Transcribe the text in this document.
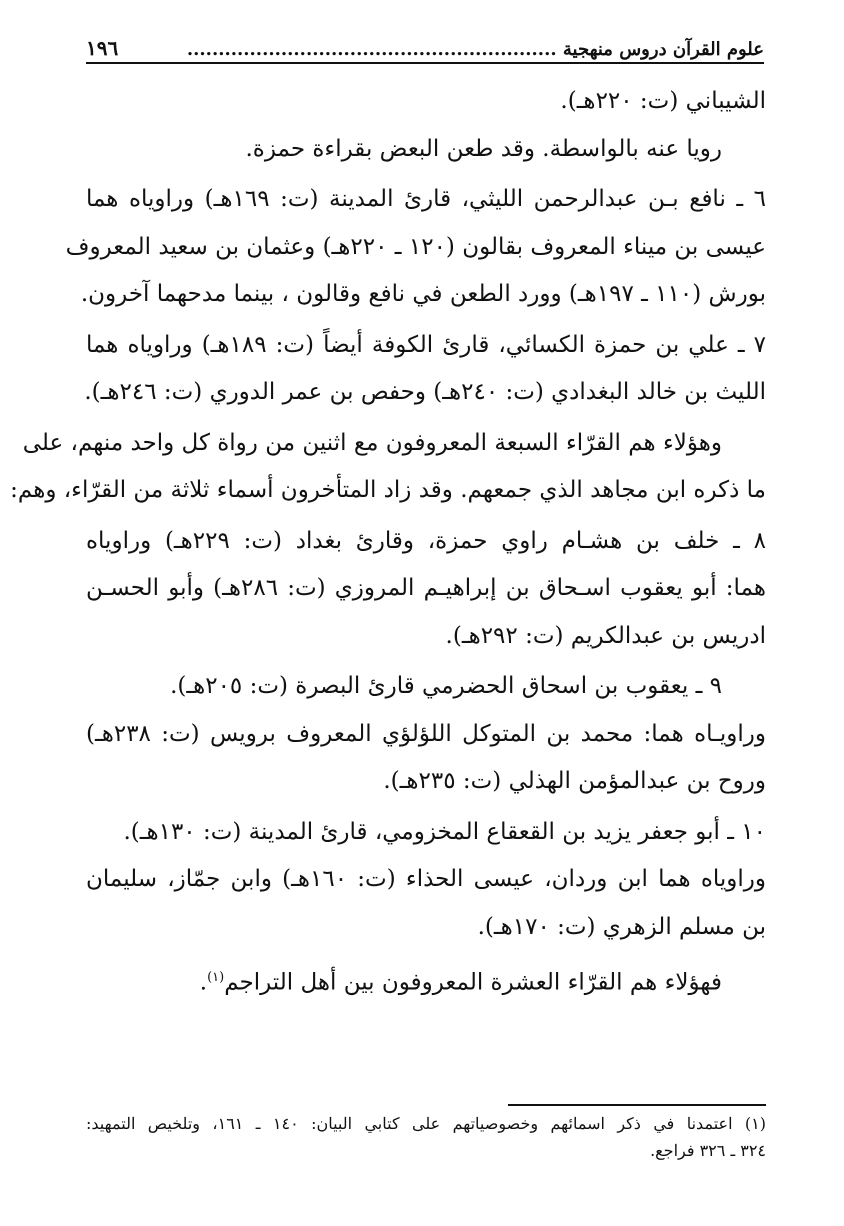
علوم القرآن دروس منهجية ...........................................................
١٩٦
الشيباني (ت: ٢٢٠هـ).
رويا عنه بالواسطة. وقد طعن البعض بقراءة حمزة.
٦ ـ نافع بـن عبدالرحمن الليثي، قارئ المدينة (ت: ١٦٩هـ) وراوياه هما
عيسى بن ميناء المعروف بقالون (١٢٠ ـ ٢٢٠هـ) وعثمان بن سعيد المعروف
بورش (١١٠ ـ ١٩٧هـ) وورد الطعن في نافع وقالون ، بينما مدحهما آخرون.
٧ ـ علي بن حمزة الكسائي، قارئ الكوفة أيضاً (ت: ١٨٩هـ) وراوياه هما
الليث بن خالد البغدادي (ت: ٢٤٠هـ) وحفص بن عمر الدوري (ت: ٢٤٦هـ).
وهؤلاء هم القرّاء السبعة المعروفون مع اثنين من رواة كل واحد منهم، على
ما ذكره ابن مجاهد الذي جمعهم. وقد زاد المتأخرون أسماء ثلاثة من القرّاء، وهم:
٨ ـ خلف بن هشـام راوي حمزة، وقارئ بغداد (ت: ٢٢٩هـ) وراوياه
هما: أبو يعقوب اسـحاق بن إبراهيـم المروزي (ت: ٢٨٦هـ) وأبو الحسـن
ادريس بن عبدالكريم (ت: ٢٩٢هـ).
٩ ـ يعقوب بن اسحاق الحضرمي قارئ البصرة (ت: ٢٠٥هـ).
وراويـاه هما: محمد بن المتوكل اللؤلؤي المعروف برويس (ت: ٢٣٨هـ)
وروح بن عبدالمؤمن الهذلي (ت: ٢٣٥هـ).
١٠ ـ أبو جعفر يزيد بن القعقاع المخزومي، قارئ المدينة (ت: ١٣٠هـ).
وراوياه هما ابن وردان، عيسى الحذاء (ت: ١٦٠هـ) وابن جمّاز، سليمان
بن مسلم الزهري (ت: ١٧٠هـ).
فهؤلاء هم القرّاء العشرة المعروفون بين أهل التراجم$^{(١)}$.
(١) اعتمدنا في ذكر اسمائهم وخصوصياتهم على كتابي البيان: ١٤٠ ـ ١٦١، وتلخيص التمهيد:
٣٢٤ ـ ٣٢٦ فراجع.
